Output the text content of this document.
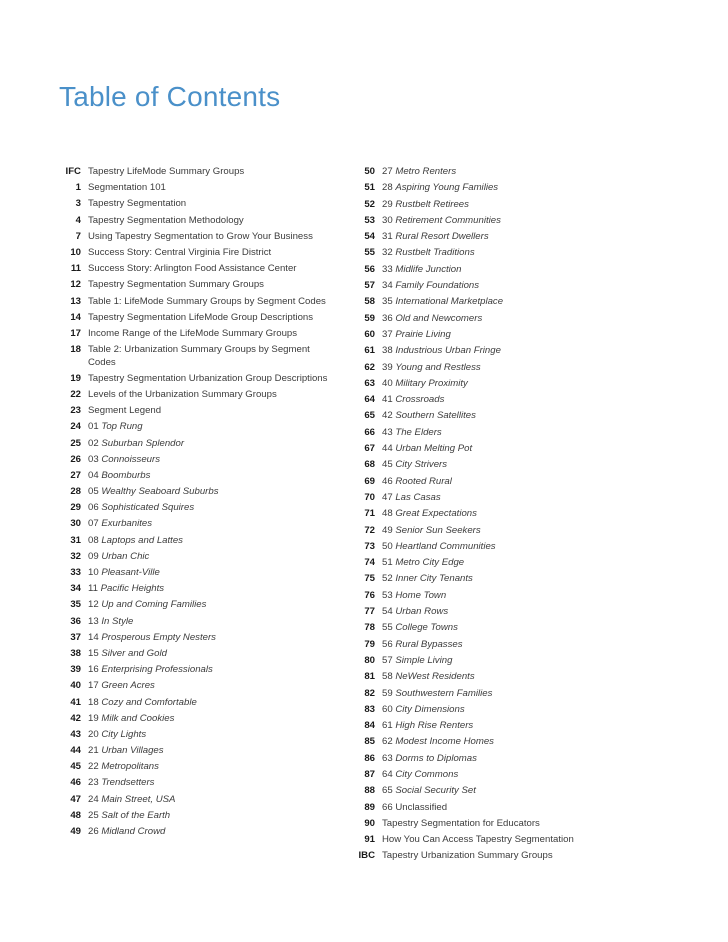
Table of Contents
IFC Tapestry LifeMode Summary Groups
1 Segmentation 101
3 Tapestry Segmentation
4 Tapestry Segmentation Methodology
7 Using Tapestry Segmentation to Grow Your Business
10 Success Story: Central Virginia Fire District
11 Success Story: Arlington Food Assistance Center
12 Tapestry Segmentation Summary Groups
13 Table 1: LifeMode Summary Groups by Segment Codes
14 Tapestry Segmentation LifeMode Group Descriptions
17 Income Range of the LifeMode Summary Groups
18 Table 2: Urbanization Summary Groups by Segment Codes
19 Tapestry Segmentation Urbanization Group Descriptions
22 Levels of the Urbanization Summary Groups
23 Segment Legend
24 01 Top Rung
25 02 Suburban Splendor
26 03 Connoisseurs
27 04 Boomburbs
28 05 Wealthy Seaboard Suburbs
29 06 Sophisticated Squires
30 07 Exurbanites
31 08 Laptops and Lattes
32 09 Urban Chic
33 10 Pleasant-Ville
34 11 Pacific Heights
35 12 Up and Coming Families
36 13 In Style
37 14 Prosperous Empty Nesters
38 15 Silver and Gold
39 16 Enterprising Professionals
40 17 Green Acres
41 18 Cozy and Comfortable
42 19 Milk and Cookies
43 20 City Lights
44 21 Urban Villages
45 22 Metropolitans
46 23 Trendsetters
47 24 Main Street, USA
48 25 Salt of the Earth
49 26 Midland Crowd
50 27 Metro Renters
51 28 Aspiring Young Families
52 29 Rustbelt Retirees
53 30 Retirement Communities
54 31 Rural Resort Dwellers
55 32 Rustbelt Traditions
56 33 Midlife Junction
57 34 Family Foundations
58 35 International Marketplace
59 36 Old and Newcomers
60 37 Prairie Living
61 38 Industrious Urban Fringe
62 39 Young and Restless
63 40 Military Proximity
64 41 Crossroads
65 42 Southern Satellites
66 43 The Elders
67 44 Urban Melting Pot
68 45 City Strivers
69 46 Rooted Rural
70 47 Las Casas
71 48 Great Expectations
72 49 Senior Sun Seekers
73 50 Heartland Communities
74 51 Metro City Edge
75 52 Inner City Tenants
76 53 Home Town
77 54 Urban Rows
78 55 College Towns
79 56 Rural Bypasses
80 57 Simple Living
81 58 NeWest Residents
82 59 Southwestern Families
83 60 City Dimensions
84 61 High Rise Renters
85 62 Modest Income Homes
86 63 Dorms to Diplomas
87 64 City Commons
88 65 Social Security Set
89 66 Unclassified
90 Tapestry Segmentation for Educators
91 How You Can Access Tapestry Segmentation
IBC Tapestry Urbanization Summary Groups
